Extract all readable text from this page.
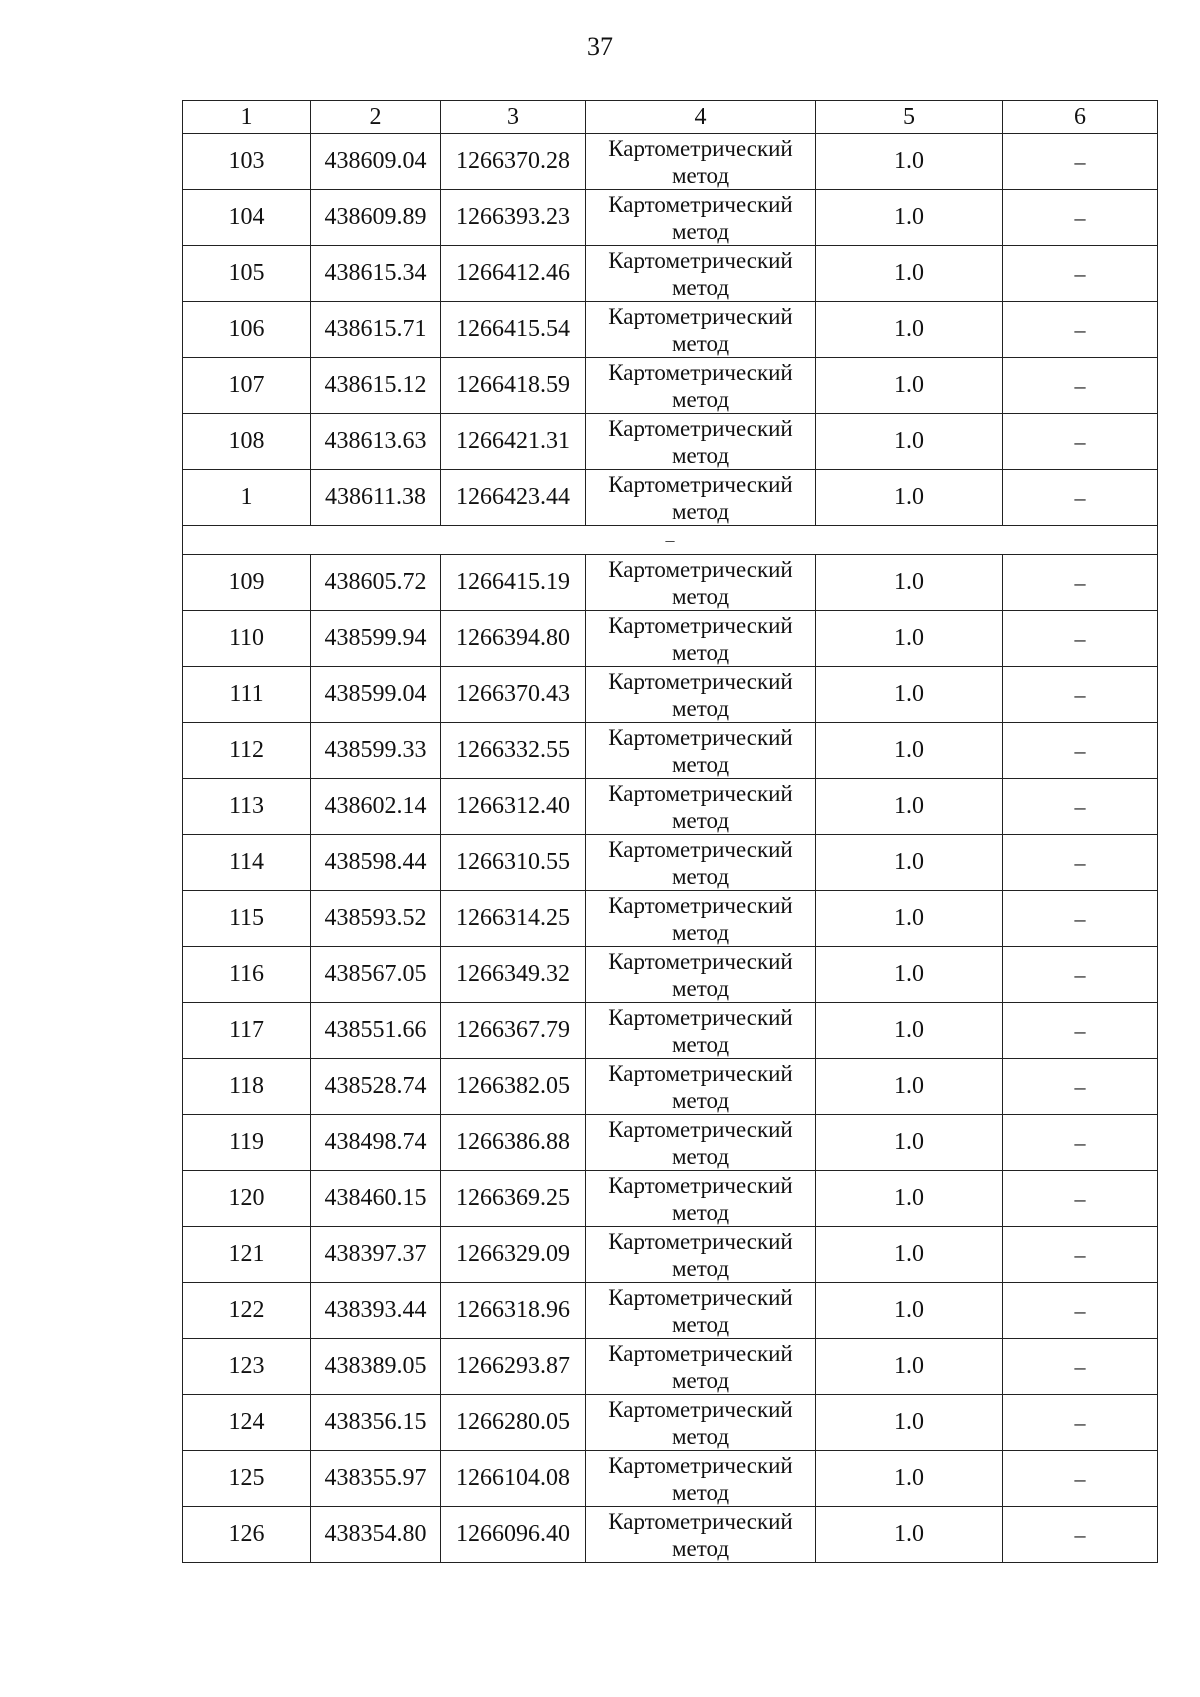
37
1	2	3	4	5	6
103	438609.04	1266370.28	Картометрический метод	1.0	–
104	438609.89	1266393.23	Картометрический метод	1.0	–
105	438615.34	1266412.46	Картометрический метод	1.0	–
106	438615.71	1266415.54	Картометрический метод	1.0	–
107	438615.12	1266418.59	Картометрический метод	1.0	–
108	438613.63	1266421.31	Картометрический метод	1.0	–
1	438611.38	1266423.44	Картометрический метод	1.0	–
–					
109	438605.72	1266415.19	Картометрический метод	1.0	–
110	438599.94	1266394.80	Картометрический метод	1.0	–
111	438599.04	1266370.43	Картометрический метод	1.0	–
112	438599.33	1266332.55	Картометрический метод	1.0	–
113	438602.14	1266312.40	Картометрический метод	1.0	–
114	438598.44	1266310.55	Картометрический метод	1.0	–
115	438593.52	1266314.25	Картометрический метод	1.0	–
116	438567.05	1266349.32	Картометрический метод	1.0	–
117	438551.66	1266367.79	Картометрический метод	1.0	–
118	438528.74	1266382.05	Картометрический метод	1.0	–
119	438498.74	1266386.88	Картометрический метод	1.0	–
120	438460.15	1266369.25	Картометрический метод	1.0	–
121	438397.37	1266329.09	Картометрический метод	1.0	–
122	438393.44	1266318.96	Картометрический метод	1.0	–
123	438389.05	1266293.87	Картометрический метод	1.0	–
124	438356.15	1266280.05	Картометрический метод	1.0	–
125	438355.97	1266104.08	Картометрический метод	1.0	–
126	438354.80	1266096.40	Картометрический метод	1.0	–
